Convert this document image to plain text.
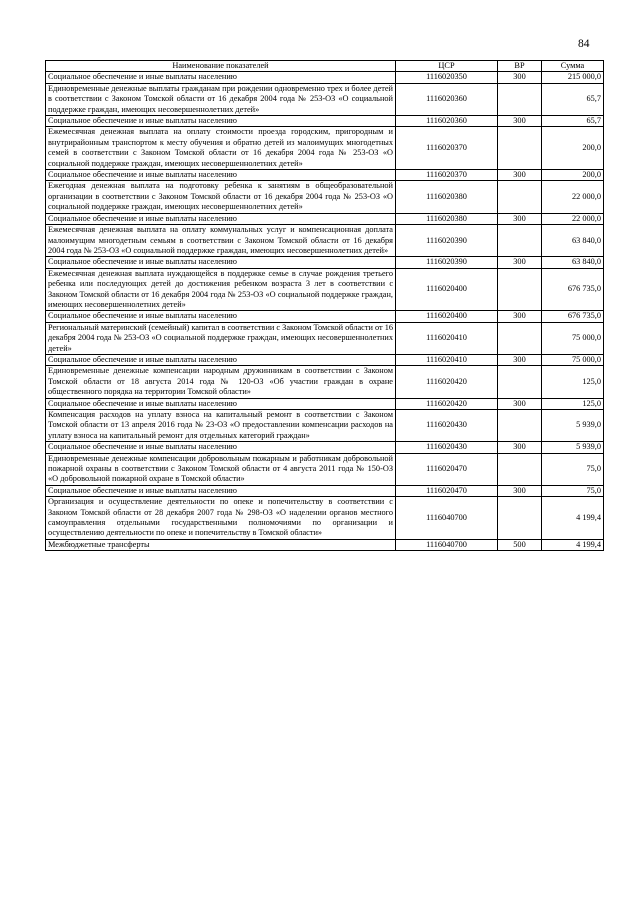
84
Наименование показателей	ЦСР	ВР	Сумма
Социальное обеспечение и иные выплаты населению	1116020350	300	215 000,0
Единовременные денежные выплаты гражданам при рождении одновременно трех и более детей в соответствии с Законом Томской области от 16 декабря 2004 года № 253-ОЗ «О социальной поддержке граждан, имеющих несовершеннолетних детей»	1116020360		65,7
Социальное обеспечение и иные выплаты населению	1116020360	300	65,7
Ежемесячная денежная выплата на оплату стоимости проезда городским, пригородным и внутрирайонным транспортом к месту обучения и обратно детей из малоимущих многодетных семей в соответствии с Законом Томской области от 16 декабря 2004 года № 253-ОЗ «О социальной поддержке граждан, имеющих несовершеннолетних детей»	1116020370		200,0
Социальное обеспечение и иные выплаты населению	1116020370	300	200,0
Ежегодная денежная выплата на подготовку ребенка к занятиям в общеобразовательной организации в соответствии с Законом Томской области от 16 декабря 2004 года № 253-ОЗ «О социальной поддержке граждан, имеющих несовершеннолетних детей»	1116020380		22 000,0
Социальное обеспечение и иные выплаты населению	1116020380	300	22 000,0
Ежемесячная денежная выплата на оплату коммунальных услуг и компенсационная доплата малоимущим многодетным семьям в соответствии с Законом Томской области от 16 декабря 2004 года № 253-ОЗ «О социальной поддержке граждан, имеющих несовершеннолетних детей»	1116020390		63 840,0
Социальное обеспечение и иные выплаты населению	1116020390	300	63 840,0
Ежемесячная денежная выплата нуждающейся в поддержке семье в случае рождения третьего ребенка или последующих детей до достижения ребенком возраста 3 лет в соответствии с Законом Томской области от 16 декабря 2004 года № 253-ОЗ «О социальной поддержке граждан, имеющих несовершеннолетних детей»	1116020400		676 735,0
Социальное обеспечение и иные выплаты населению	1116020400	300	676 735,0
Региональный материнский (семейный) капитал в соответствии с Законом Томской области от 16 декабря 2004 года № 253-ОЗ «О социальной поддержке граждан, имеющих несовершеннолетних детей»	1116020410		75 000,0
Социальное обеспечение и иные выплаты населению	1116020410	300	75 000,0
Единовременные денежные компенсации народным дружинникам в соответствии с Законом Томской области от 18 августа 2014 года № 120-ОЗ «Об участии граждан в охране общественного порядка на территории Томской области»	1116020420		125,0
Социальное обеспечение и иные выплаты населению	1116020420	300	125,0
Компенсация расходов на уплату взноса на капитальный ремонт в соответствии с Законом Томской области от 13 апреля 2016 года № 23-ОЗ «О предоставлении компенсации расходов на уплату взноса на капитальный ремонт для отдельных категорий граждан»	1116020430		5 939,0
Социальное обеспечение и иные выплаты населению	1116020430	300	5 939,0
Единовременные денежные компенсации добровольным пожарным и работникам добровольной пожарной охраны в соответствии с Законом Томской области от 4 августа 2011 года № 150-ОЗ «О добровольной пожарной охране в Томской области»	1116020470		75,0
Социальное обеспечение и иные выплаты населению	1116020470	300	75,0
Организация и осуществление деятельности по опеке и попечительству в соответствии с Законом Томской области от 28 декабря 2007 года № 298-ОЗ «О наделении органов местного самоуправления отдельными государственными полномочиями по организации и осуществлению деятельности по опеке и попечительству в Томской области»	1116040700		4 199,4
Межбюджетные трансферты	1116040700	500	4 199,4
